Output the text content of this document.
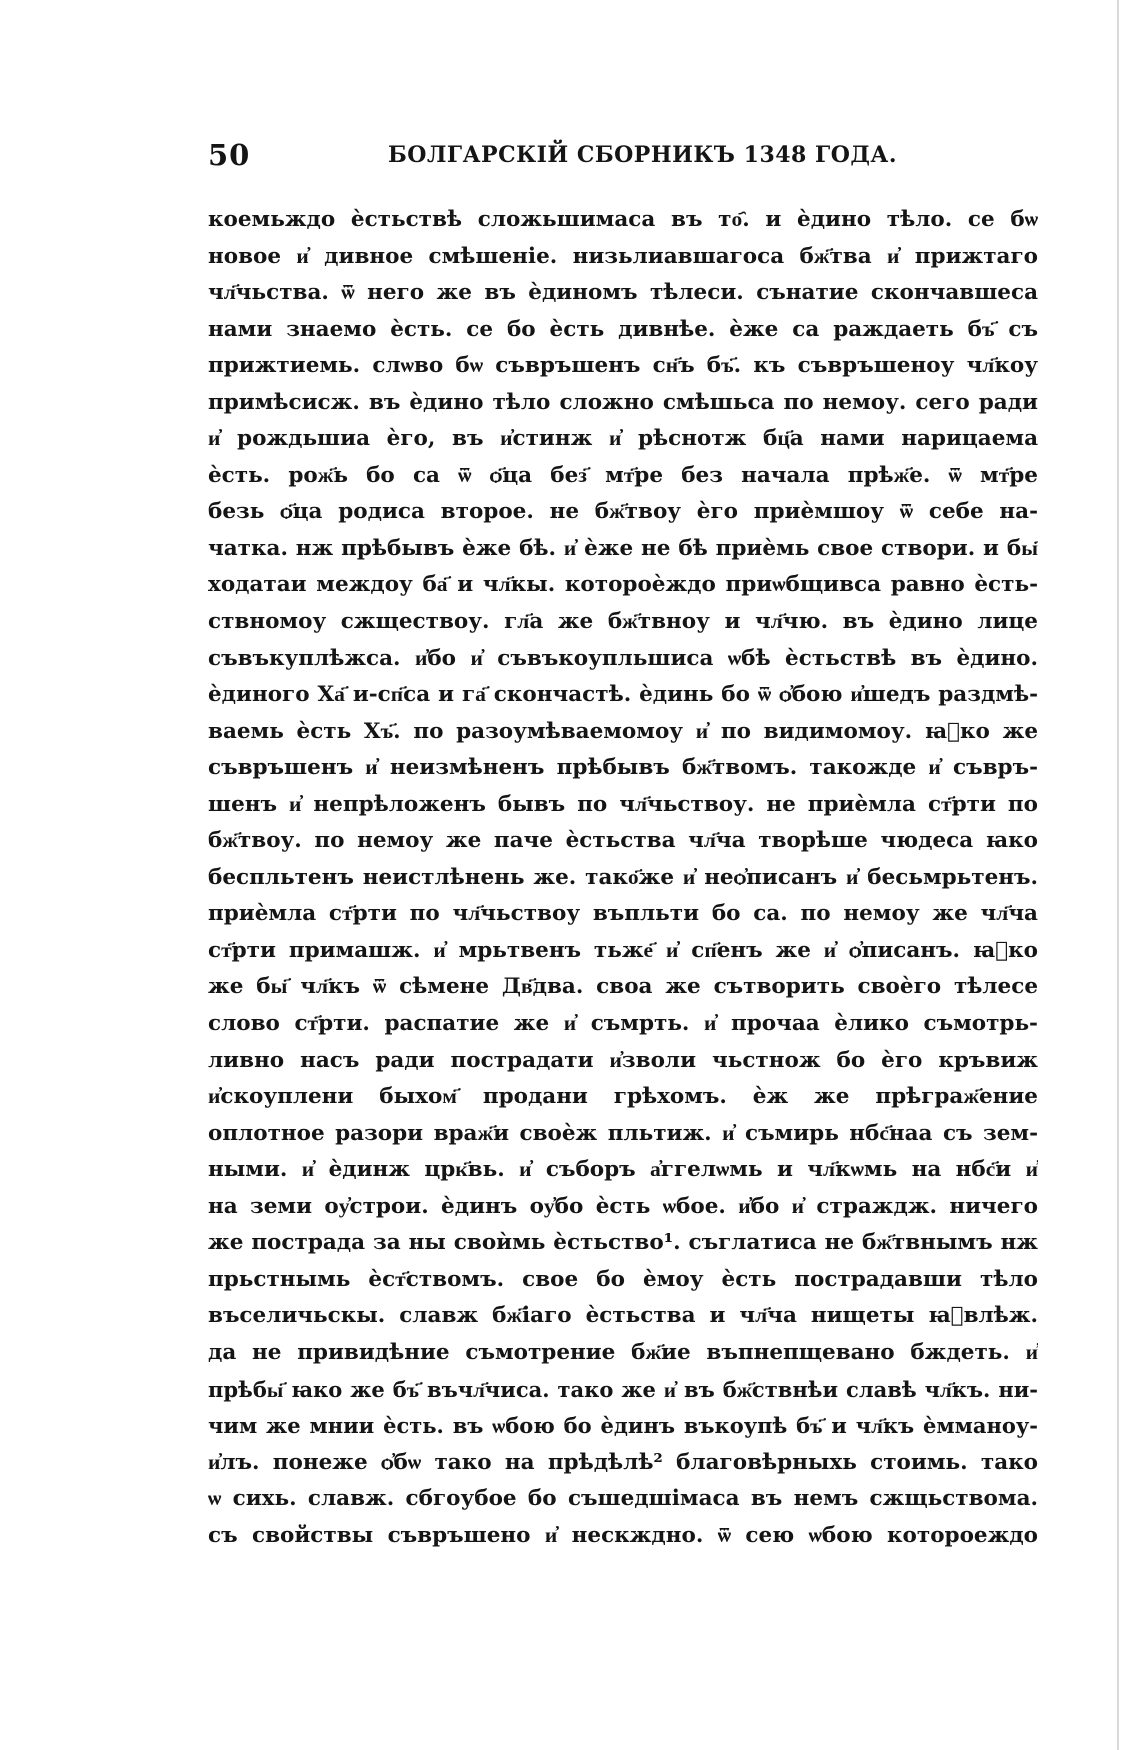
50	БОЛГАРСКІЙ СБОРНИКЪ 1348 ГОДА.
коемьждо ѐстьствѣ сложьшимаса въ то҄. и ѐдино тѣло. се бѡ
новое и҆ дивное смѣшеніе. низьлиавшагоса бж҃тва и҆ прижтаго
чл҃чьства. ѿ него же въ ѐдиномъ тѣлеси. сънатие скончавшеса
нами знаемо ѐсть. се бо ѐсть дивнѣе. ѐже са раждаеть бъ҃ съ
прижтиемь. слѡво бѡ съвръшенъ сн҃ъ бъ҃. къ съвръшеноу чл҃коу
примѣсисж. въ ѐдино тѣло сложно смѣшьса по немоу. сего ради
и҆ рождьшиа ѐго, въ и҆стинж и҆ рѣснотж бц҃а нами нарицаема
ѐсть. рож҃ь бо са ѿ ѻ҃ца без҃ мт҃ре без начала прѣж҃е. ѿ мт҃ре
безь ѻ҃ца родиса второе. не бж҃твоу ѐго приѐмшоу ѿ себе на-
чатка. нж прѣбывъ ѐже бѣ. и҆ ѐже не бѣ приѐмь свое створи. и бы҃
ходатаи междоу ба҃ и чл҃кы. котороѐждо приѡбщивса равно ѐсть-
ствномоу сжществоу. гл҃а же бж҃твноу и чл҃чю. въ ѐдино лице
съвъкуплѣжса. и҆бо и҆ съвъкоупльшиса ѡбѣ ѐстьствѣ въ ѐдино.
ѐдиного Ха҃ и-сп҃са и га҃ скончастѣ. ѐдинь бо ѿ ѻ҆бою и҆шедъ раздмѣ-
ваемь ѐсть Хъ҃. по разоумѣваемомоу и҆ по видимомоу. ꙗ҆ко же
съвръшенъ и҆ неизмѣненъ прѣбывъ бж҃твомъ. такожде и҆ съвръ-
шенъ и҆ непрѣложенъ бывъ по чл҃чьствоу. не приѐмла ст҃рти по
бж҃твоу. по немоу же паче ѐстьства чл҃ча творѣше чюдеса ꙗко
беспльтенъ неистлѣнень же. тако҃же и҆ неѻ҆писанъ и҆ бесьмрьтенъ.
приѐмла ст҃рти по чл҃чьствоу въпльти бо са. по немоу же чл҃ча
ст҃рти примашж. и҆ мрьтвенъ тьже҃ и҆ сп҃енъ же и҆ ѻ҆писанъ. ꙗ҆ко
же бы҃ чл҃къ ѿ сѣмене Дв҃два. своа же сътворить своѐго тѣлесе
слово ст҃рти. распатие же и҆ съмрть. и҆ прочаа ѐлико съмотрь-
ливно насъ ради пострадати и҆зволи чьстнож бо ѐго кръвиж
и҆скоуплени быхом҃ продани грѣхомъ. ѐж же прѣграж҃ение
оплотное разори враж҃и своѐж пльтиж. и҆ съмирь нбс҃наа съ зем-
ными. и҆ ѐдинж црк҃вь. и҆ съборъ а҆ггелѡмь и чл҃кѡмь на нбс҃и и҆
на земи оу҆строи. ѐдинъ оу҆бо ѐсть ѡбое. и҆бо и҆ страждж. ничего
же пострада за ны своѝмь ѐстьство¹. съглатиса не бж҃твнымъ нж
прьстнымь ѐст҃ствомъ. свое бо ѐмоу ѐсть пострадавши тѣло
въселичьскы. славж бж҃іаго ѐстьства и чл҃ча нищеты ꙗ҆влѣж.
да не привидѣние съмотрение бж҃ие въпнепщевано бждеть. и҆
прѣбы҃ ꙗко же бъ҃ въчл҃чиса. тако же и҆ въ бж҃ствнѣи славѣ чл҃къ. ни-
чим же мнии ѐсть. въ ѡбою бо ѐдинъ въкоупѣ бъ҃ и чл҃къ ѐмманоу-
и҆лъ. понеже ѻ҆бѡ тако на прѣдѣлѣ² благовѣрныхь стоимь. тако
ѡ сихь. славж. сбгоубое бо съшедшімаса въ немъ сжщьствома.
съ свойствы съвръшено и҆ нескждно. ѿ сею ѡбою котороеждо
